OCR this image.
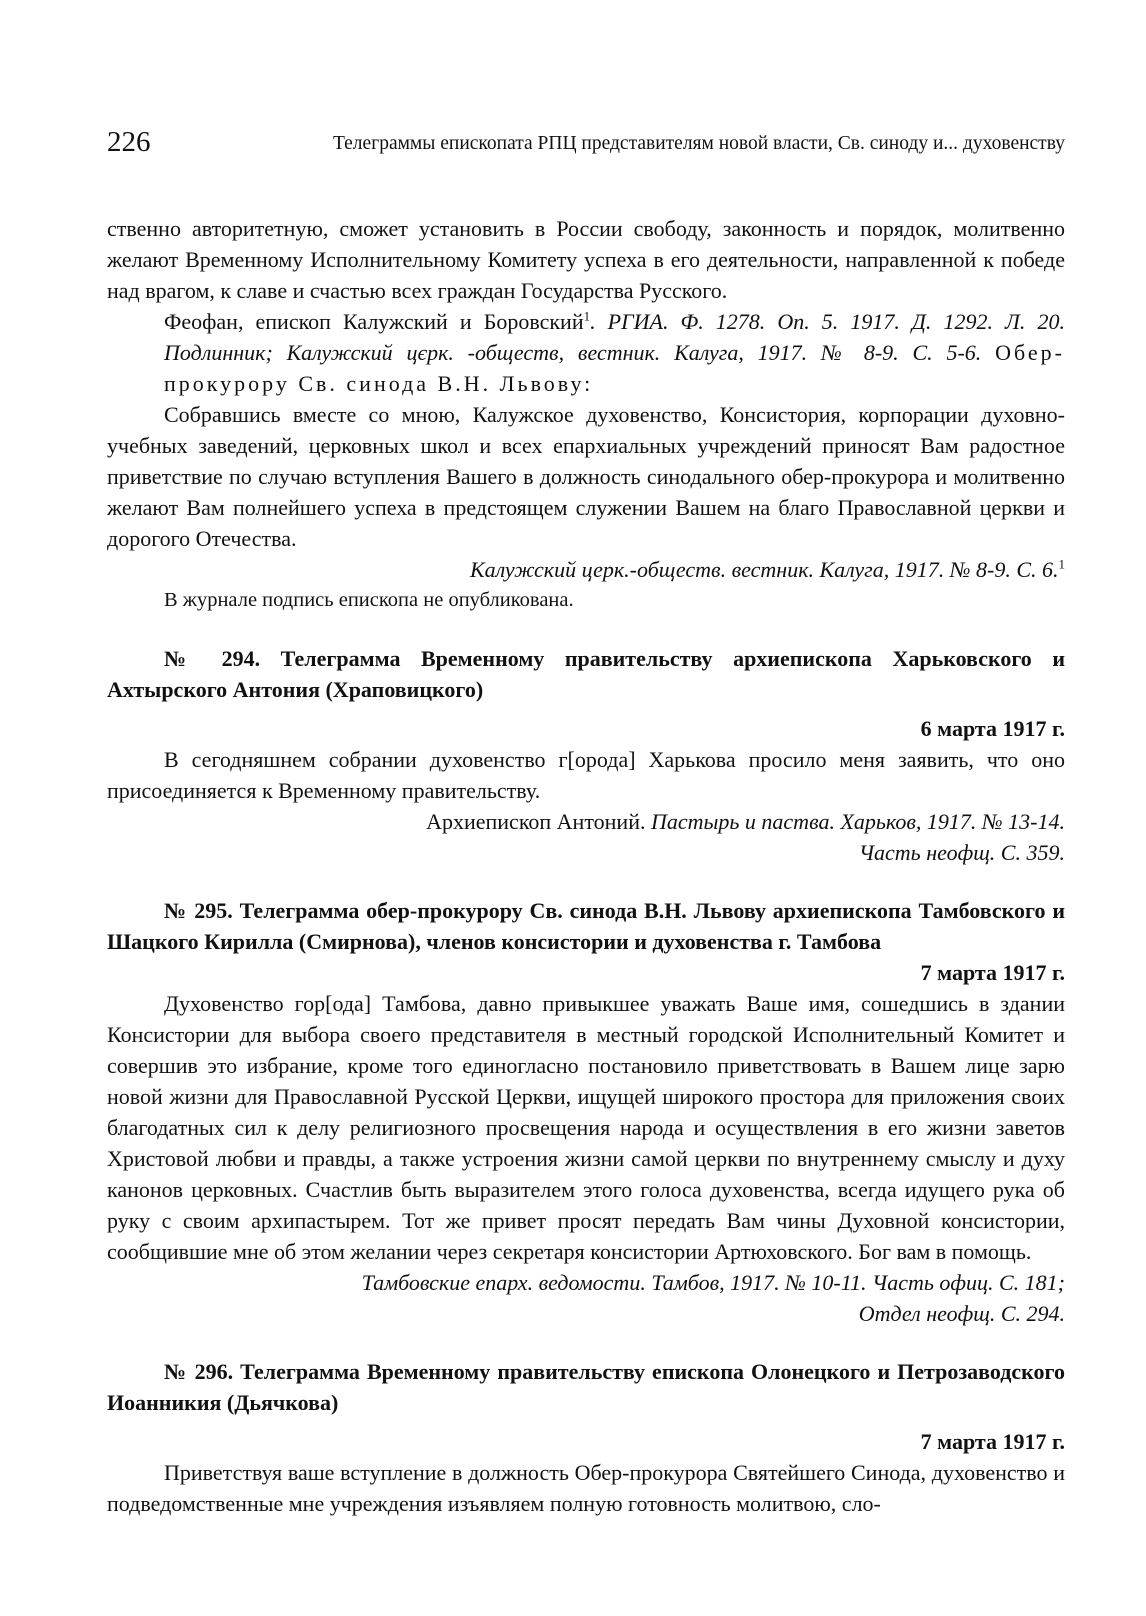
226	Телеграммы епископата РПЦ представителям новой власти, Св. синоду и... духовенству

ственно авторитетную, сможет установить в России свободу, законность и порядок, молитвенно желают Временному Исполнительному Комитету успеха в его деятельности, направленной к победе над врагом, к славе и счастью всех граждан Государства Русского.

Феофан, епископ Калужский и Боровский$^1$. РГИА. Ф. 1278. Оп. 5. 1917. Д. 1292. Л. 20. Подлинник; Калужский цєрк. -обществ, вестник. Калуга, 1917. № 8-9. С. 5-6. Обер-прокурору Св. синода В.Н. Львову:

Собравшись вместе со мною, Калужское духовенство, Консистория, корпорации духовно-учебных заведений, церковных школ и всех епархиальных учреждений приносят Вам радостное приветствие по случаю вступления Вашего в должность синодального обер-прокурора и молитвенно желают Вам полнейшего успеха в предстоящем служении Вашем на благо Православной церкви и дорогого Отечества.

Калужский церк.-обществ. вестник. Калуга, 1917. № 8-9. С. 6.$^1$

В журнале подпись епископа не опубликована.

№ 294. Телеграмма Временному правительству архиепископа Харьковского и Ахтырского Антония (Храповицкого)

6 марта 1917 г.

В сегодняшнем собрании духовенство г[орода] Харькова просило меня заявить, что оно присоединяется к Временному правительству.

Архиепископ Антоний. Пастырь и паства. Харьков, 1917. № 13-14.

Часть неофщ. С. 359.

№ 295. Телеграмма обер-прокурору Св. синода В.Н. Львову архиепископа Тамбовского и Шацкого Кирилла (Смирнова), членов консистории и духовенства г. Тамбова

7 марта 1917 г.

Духовенство гор[ода] Тамбова, давно привыкшее уважать Ваше имя, сошедшись в здании Консистории для выбора своего представителя в местный городской Исполнительный Комитет и совершив это избрание, кроме того единогласно постановило приветствовать в Вашем лице зарю новой жизни для Православной Русской Церкви, ищущей широкого простора для приложения своих благодатных сил к делу религиозного просвещения народа и осуществления в его жизни заветов Христовой любви и правды, а также устроения жизни самой церкви по внутреннему смыслу и духу канонов церковных. Счастлив быть выразителем этого голоса духовенства, всегда идущего рука об руку с своим архипастырем. Тот же привет просят передать Вам чины Духовной консистории, сообщившие мне об этом желании через секретаря консистории Артюховского. Бог вам в помощь.

Тамбовские епарх. ведомости. Тамбов, 1917. № 10-11. Часть офиц. С. 181;

Отдел неофщ. С. 294.

№ 296. Телеграмма Временному правительству епископа Олонецкого и Петрозаводского Иоанникия (Дьячкова)

7 марта 1917 г.

Приветствуя ваше вступление в должность Обер-прокурора Святейшего Синода, духовенство и подведомственные мне учреждения изъявляем полную готовность молитвою, сло-
